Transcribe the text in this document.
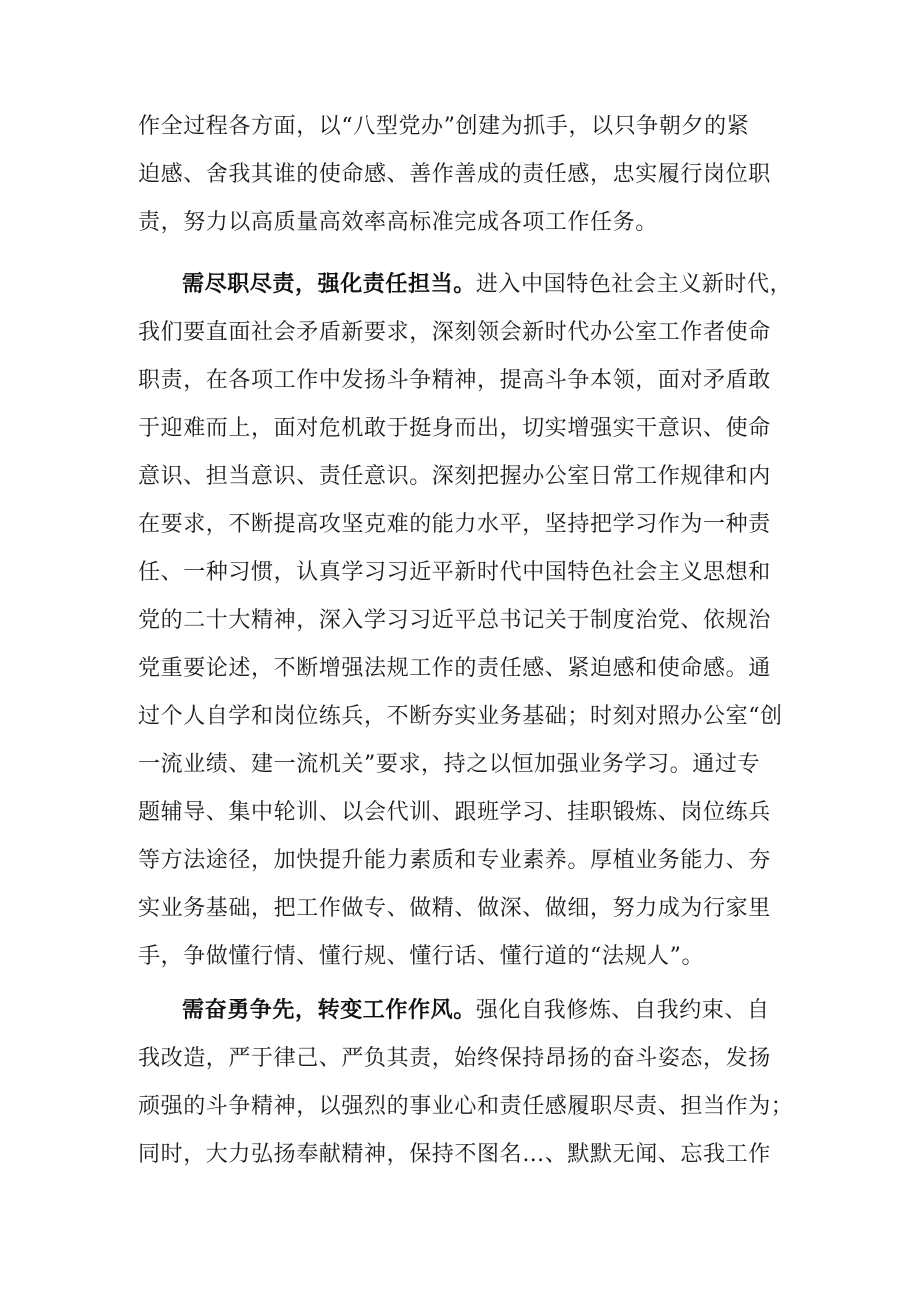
作全过程各方面，以“八型党办”创建为抓手，以只争朝夕的紧
迫感、舍我其谁的使命感、善作善成的责任感，忠实履行岗位职
责，努力以高质量高效率高标准完成各项工作任务。
需尽职尽责，强化责任担当。进入中国特色社会主义新时代，
我们要直面社会矛盾新要求，深刻领会新时代办公室工作者使命
职责，在各项工作中发扬斗争精神，提高斗争本领，面对矛盾敢
于迎难而上，面对危机敢于挺身而出，切实增强实干意识、使命
意识、担当意识、责任意识。深刻把握办公室日常工作规律和内
在要求，不断提高攻坚克难的能力水平，坚持把学习作为一种责
任、一种习惯，认真学习习近平新时代中国特色社会主义思想和
党的二十大精神，深入学习习近平总书记关于制度治党、依规治
党重要论述，不断增强法规工作的责任感、紧迫感和使命感。通
过个人自学和岗位练兵，不断夯实业务基础；时刻对照办公室“创
一流业绩、建一流机关”要求，持之以恒加强业务学习。通过专
题辅导、集中轮训、以会代训、跟班学习、挂职锻炼、岗位练兵
等方法途径，加快提升能力素质和专业素养。厚植业务能力、夯
实业务基础，把工作做专、做精、做深、做细，努力成为行家里
手，争做懂行情、懂行规、懂行话、懂行道的“法规人”。
需奋勇争先，转变工作作风。强化自我修炼、自我约束、自
我改造，严于律己、严负其责，始终保持昂扬的奋斗姿态，发扬
顽强的斗争精神，以强烈的事业心和责任感履职尽责、担当作为；
同时，大力弘扬奉献精神，保持不图名…、默默无闻、忘我工作
